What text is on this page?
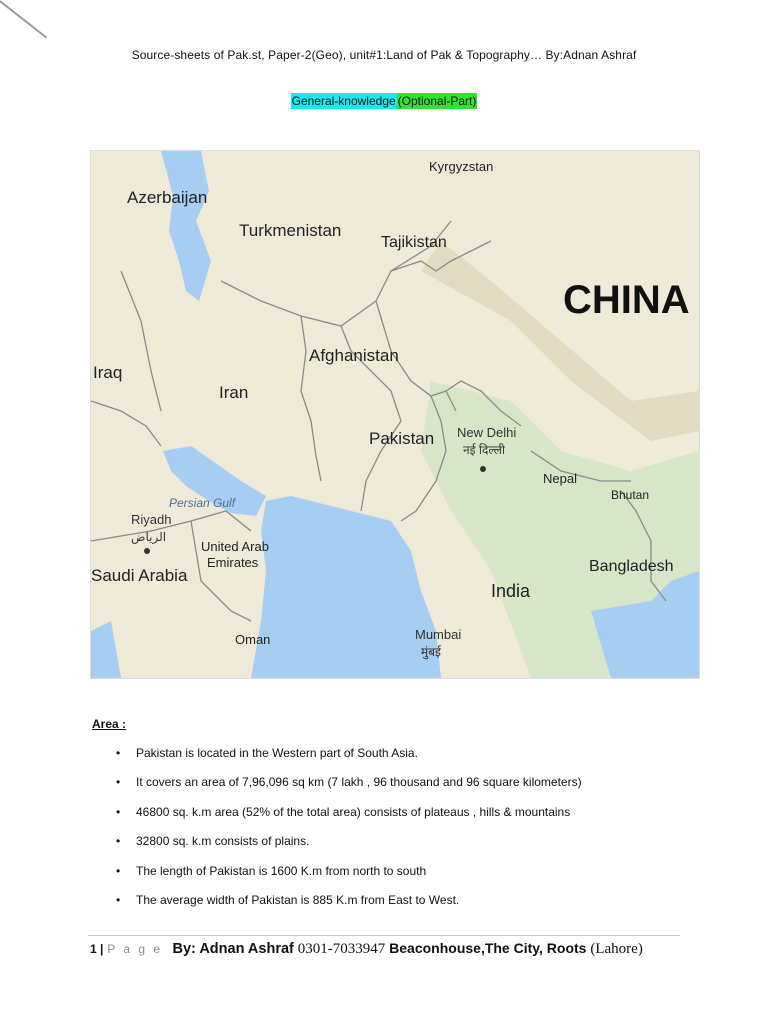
Source-sheets of Pak.st, Paper-2(Geo), unit#1:Land of Pak & Topography… By:Adnan Ashraf
General-knowledge (Optional-Part)
Kyrgyzstan
Azerbaijan
Turkmenistan
Tajikistan
CHINA
Iraq
Afghanistan
Iran
Pakistan New Delhi
नई दिल्ली
Nepal
Bhutan
Persian Gulf
Riyadh
الرياض
United Arab
Emirates
Saudi Arabia	Bangladesh
India
Oman	Mumbai
मुंबई
Area :
• Pakistan is located in the Western part of South Asia.
• It covers an area of 7,96,096 sq km (7 lakh , 96 thousand and 96 square kilometers)
• 46800 sq. k.m area (52% of the total area) consists of plateaus , hills & mountains
• 32800 sq. k.m consists of plains.
• The length of Pakistan is 1600 K.m from north to south
• The average width of Pakistan is 885 K.m from East to West.
1 | P a g e By: Adnan Ashraf 0301-7033947 Beaconhouse,The City, Roots (Lahore)
